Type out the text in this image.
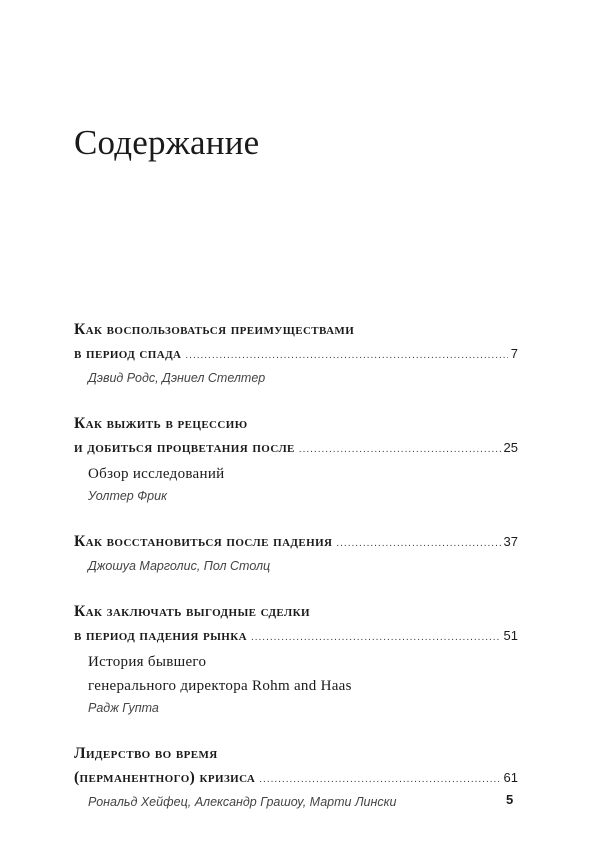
Содержание
Как воспользоваться преимуществами
в период спада .....	7
Дэвид Родс, Дэниел Стелтер
Как выжить в рецессию
и добиться процветания после .....	25
Обзор исследований
Уолтер Фрик
Как восстановиться после падения .....	37
Джошуа Марголис, Пол Столц
Как заключать выгодные сделки
в период падения рынка .....	51
История бывшего
генерального директора Rohm and Haas
Радж Гупта
Лидерство во время
(перманентного) кризиса .....	61
Рональд Хейфец, Александр Грашоу, Марти Лински	5
